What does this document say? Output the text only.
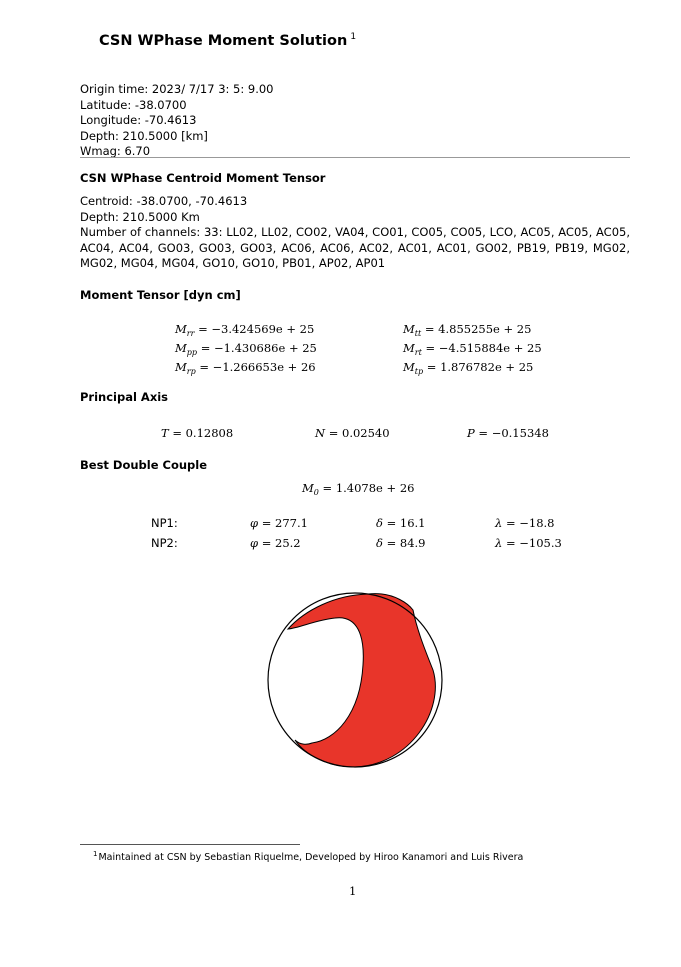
CSN WPhase Moment Solution $^1$
Origin time: 2023/ 7/17 3: 5: 9.00
Latitude: -38.0700
Longitude: -70.4613
Depth: 210.5000 [km]
Wmag: 6.70
CSN WPhase Centroid Moment Tensor

Centroid: -38.0700, -70.4613

Depth: 210.5000 Km

Number of channels: 33: LL02, LL02, CO02, VA04, CO01, CO05, CO05, LCO, AC05, AC05, AC05, AC04, AC04, GO03, GO03, GO03, AC06, AC06, AC02, AC01, AC01, GO02, PB19, PB19, MG02, MG02, MG04, MG04, GO10, GO10, PB01, AP02, AP01

Moment Tensor [dyn cm]
$M_{rr} = -3.424569e + 25$	$M_{tt} = 4.855255e + 25$
$M_{pp} = -1.430686e + 25$	$M_{rt} = -4.515884e + 25$
$M_{rp} = -1.266653e + 26$	$M_{tp} = 1.876782e + 25$
Principal Axis
T = 0.12808	N = 0.02540	P = −0.15348
Best Double Couple
$M_0 = 1.4078e + 26$
NP1:	φ = 277.1	δ = 16.1	λ = −18.8
NP2:	φ = 25.2	δ = 84.9	λ = −105.3
$^1$Maintained at CSN by Sebastian Riquelme, Developed by Hiroo Kanamori and Luis Rivera
1
